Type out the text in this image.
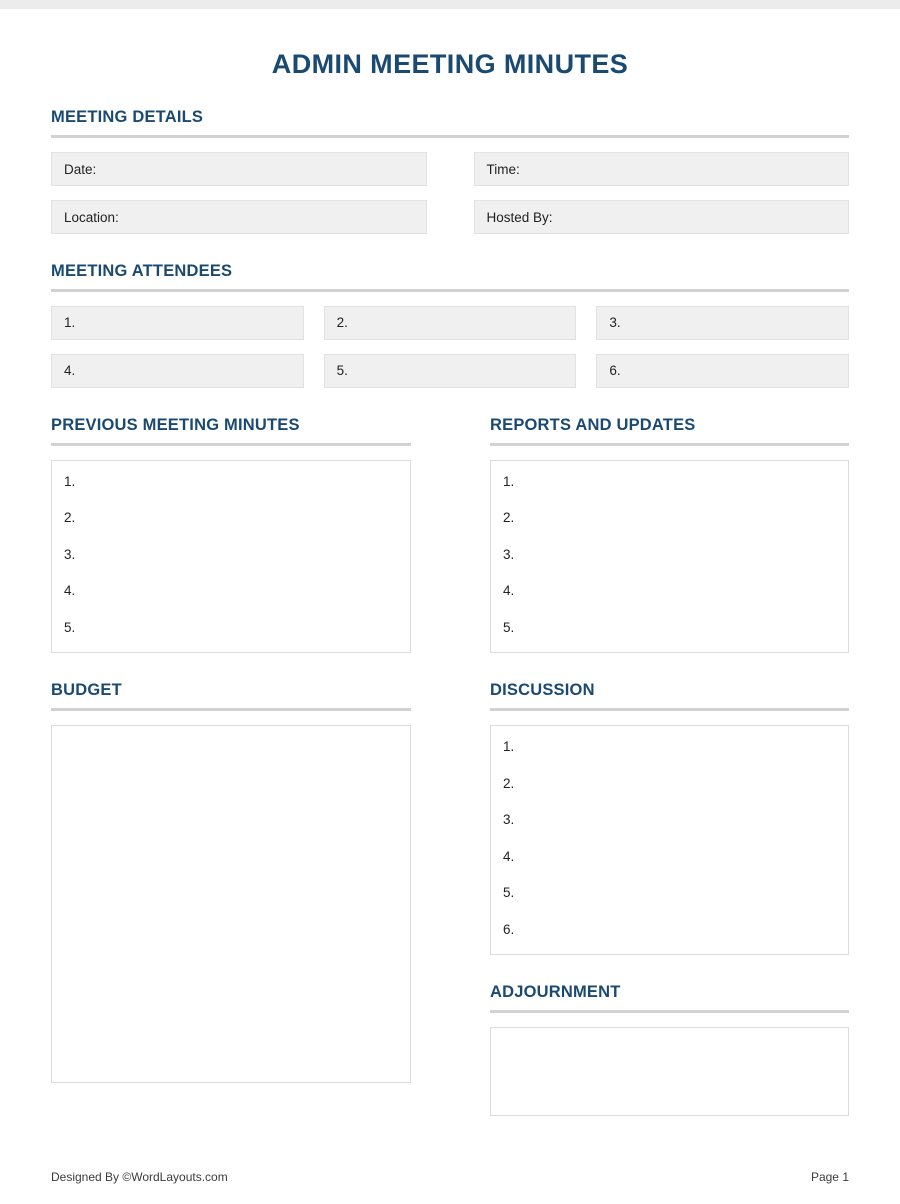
ADMIN MEETING MINUTES
MEETING DETAILS
Date:	Time:
Location:	Hosted By:
MEETING ATTENDEES
1.	2.	3.
4.	5.	6.
PREVIOUS MEETING MINUTES
1.
2.
3.
4.
5.
BUDGET
REPORTS AND UPDATES
1.
2.
3.
4.
5.
DISCUSSION
1.
2.
3.
4.
5.
6.
ADJOURNMENT
Designed By ©WordLayouts.com	Page 1
